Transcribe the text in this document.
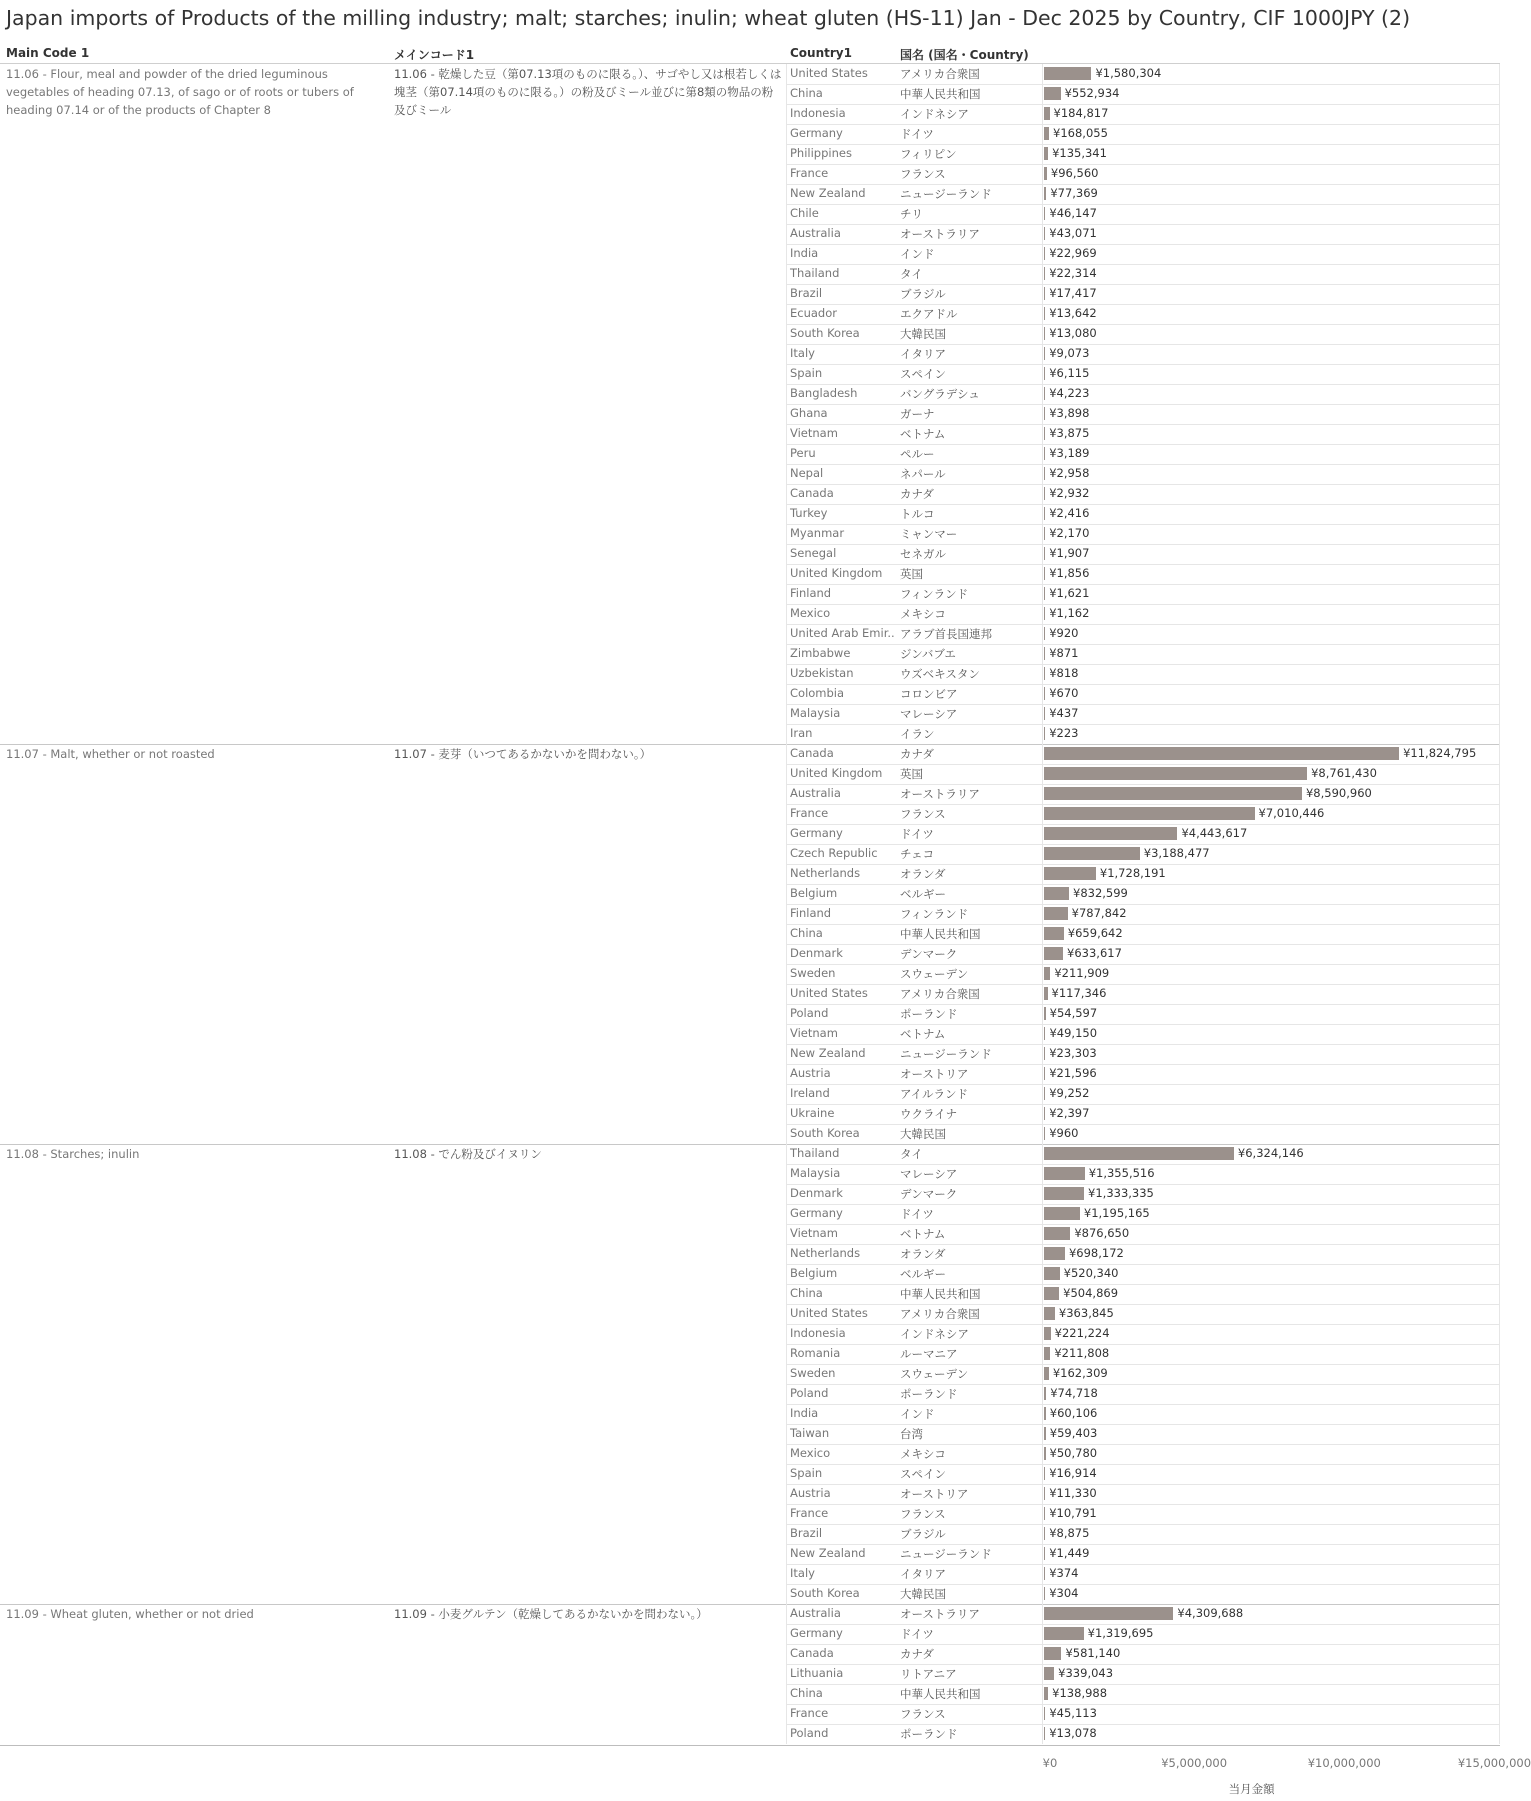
Japan imports of Products of the milling industry; malt; starches; inulin; wheat gluten (HS-11) Jan - Dec 2025 by Country, CIF 1000JPY (2)
Main Code 1	メインコード1	Country1	国名 (国名・Country)
11.06 - Flour, meal and powder of the dried leguminous vegetables of heading 07.13, of sago or of roots or tubers of heading 07.14 or of the products of Chapter 8
11.06 - 乾燥した豆（第07.13項のものに限る。）、サゴやし又は根若しくは塊茎（第07.14項のものに限る。）の粉及びミール並びに第8類の物品の粉及びミール
United States	アメリカ合衆国	¥1,580,304
China	中華人民共和国	¥552,934
Indonesia	インドネシア	¥184,817
Germany	ドイツ	¥168,055
Philippines	フィリピン	¥135,341
France	フランス	¥96,560
New Zealand	ニュージーランド	¥77,369
Chile	チリ	¥46,147
Australia	オーストラリア	¥43,071
India	インド	¥22,969
Thailand	タイ	¥22,314
Brazil	ブラジル	¥17,417
Ecuador	エクアドル	¥13,642
South Korea	大韓民国	¥13,080
Italy	イタリア	¥9,073
Spain	スペイン	¥6,115
Bangladesh	バングラデシュ	¥4,223
Ghana	ガーナ	¥3,898
Vietnam	ベトナム	¥3,875
Peru	ペルー	¥3,189
Nepal	ネパール	¥2,958
Canada	カナダ	¥2,932
Turkey	トルコ	¥2,416
Myanmar	ミャンマー	¥2,170
Senegal	セネガル	¥1,907
United Kingdom	英国	¥1,856
Finland	フィンランド	¥1,621
Mexico	メキシコ	¥1,162
United Arab Emir.. アラブ首長国連邦	¥920
Zimbabwe	ジンバブエ	¥871
Uzbekistan	ウズベキスタン	¥818
Colombia	コロンビア	¥670
Malaysia	マレーシア	¥437
Iran	イラン	¥223
11.07 - Malt, whether or not roasted	11.07 - 麦芽（いつてあるかないかを問わない。）	Canada	カナダ	¥11,824,795
United Kingdom	英国	¥8,761,430
Australia	オーストラリア	¥8,590,960
France	フランス	¥7,010,446
Germany	ドイツ	¥4,443,617
Czech Republic	チェコ	¥3,188,477
Netherlands	オランダ	¥1,728,191
Belgium	ベルギー	¥832,599
Finland	フィンランド	¥787,842
China	中華人民共和国	¥659,642
Denmark	デンマーク	¥633,617
Sweden	スウェーデン	¥211,909
United States	アメリカ合衆国	¥117,346
Poland	ポーランド	¥54,597
Vietnam	ベトナム	¥49,150
New Zealand	ニュージーランド	¥23,303
Austria	オーストリア	¥21,596
Ireland	アイルランド	¥9,252
Ukraine	ウクライナ	¥2,397
South Korea	大韓民国	¥960
11.08 - Starches; inulin	11.08 - でん粉及びイヌリン	Thailand	タイ	¥6,324,146
Malaysia	マレーシア	¥1,355,516
Denmark	デンマーク	¥1,333,335
Germany	ドイツ	¥1,195,165
Vietnam	ベトナム	¥876,650
Netherlands	オランダ	¥698,172
Belgium	ベルギー	¥520,340
China	中華人民共和国	¥504,869
United States	アメリカ合衆国	¥363,845
Indonesia	インドネシア	¥221,224
Romania	ルーマニア	¥211,808
Sweden	スウェーデン	¥162,309
Poland	ポーランド	¥74,718
India	インド	¥60,106
Taiwan	台湾	¥59,403
Mexico	メキシコ	¥50,780
Spain	スペイン	¥16,914
Austria	オーストリア	¥11,330
France	フランス	¥10,791
Brazil	ブラジル	¥8,875
New Zealand	ニュージーランド	¥1,449
Italy	イタリア	¥374
South Korea	大韓民国	¥304
11.09 - Wheat gluten, whether or not dried	11.09 - 小麦グルテン（乾燥してあるかないかを問わない。）	Australia	オーストラリア	¥4,309,688
Germany	ドイツ	¥1,319,695
Canada	カナダ	¥581,140
Lithuania	リトアニア	¥339,043
China	中華人民共和国	¥138,988
France	フランス	¥45,113
Poland	ポーランド	¥13,078
¥0	¥5,000,000	¥10,000,000	¥15,000,000
当月金額
